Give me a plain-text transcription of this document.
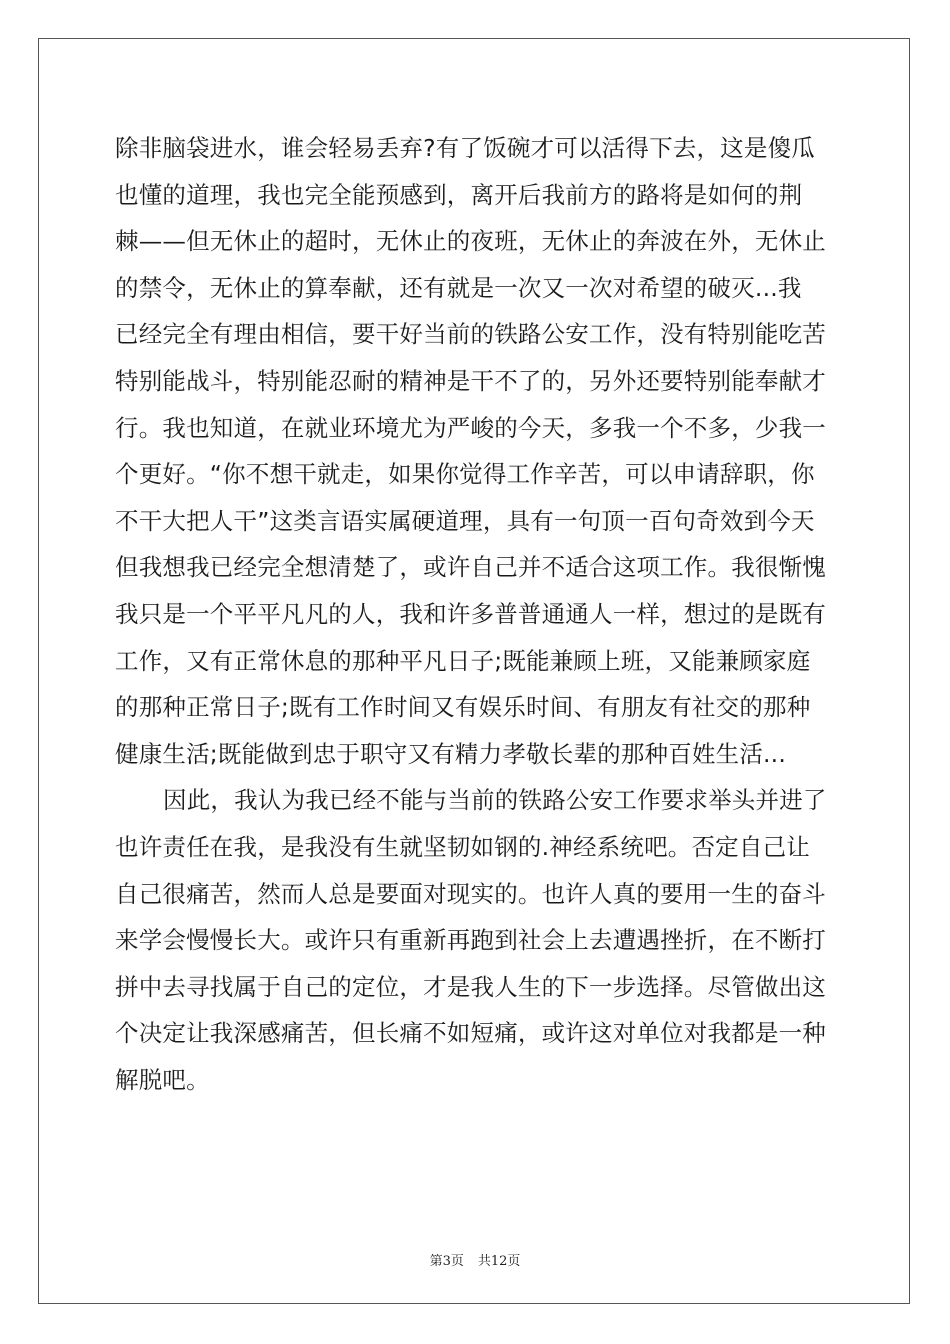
除非脑袋进水，谁会轻易丢弃?有了饭碗才可以活得下去，这是傻瓜
也懂的道理，我也完全能预感到，离开后我前方的路将是如何的荆
棘——但无休止的超时，无休止的夜班，无休止的奔波在外，无休止
的禁令，无休止的算奉献，还有就是一次又一次对希望的破灭...我
已经完全有理由相信，要干好当前的铁路公安工作，没有特别能吃苦
特别能战斗，特别能忍耐的精神是干不了的，另外还要特别能奉献才
行。我也知道，在就业环境尤为严峻的今天，多我一个不多，少我一
个更好。“你不想干就走，如果你觉得工作辛苦，可以申请辞职，你
不干大把人干”这类言语实属硬道理，具有一句顶一百句奇效到今天
但我想我已经完全想清楚了，或许自己并不适合这项工作。我很惭愧
我只是一个平平凡凡的人，我和许多普普通通人一样，想过的是既有
工作，又有正常休息的那种平凡日子;既能兼顾上班，又能兼顾家庭
的那种正常日子;既有工作时间又有娱乐时间、有朋友有社交的那种
健康生活;既能做到忠于职守又有精力孝敬长辈的那种百姓生活...
因此，我认为我已经不能与当前的铁路公安工作要求举头并进了
也许责任在我，是我没有生就坚韧如钢的.神经系统吧。否定自己让
自己很痛苦，然而人总是要面对现实的。也许人真的要用一生的奋斗
来学会慢慢长大。或许只有重新再跑到社会上去遭遇挫折，在不断打
拼中去寻找属于自己的定位，才是我人生的下一步选择。尽管做出这
个决定让我深感痛苦，但长痛不如短痛，或许这对单位对我都是一种
解脱吧。
第3页 共12页
